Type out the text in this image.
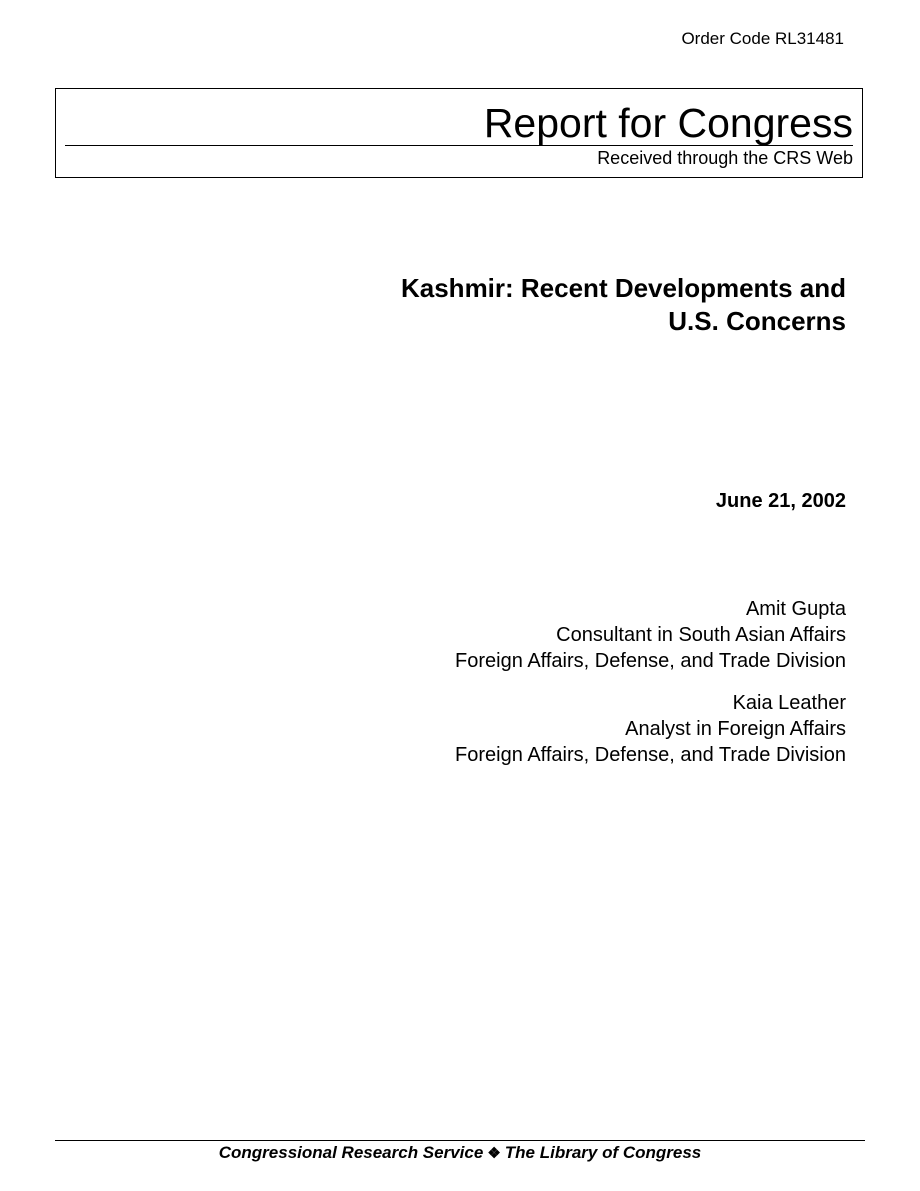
Order Code RL31481
Report for Congress
Received through the CRS Web
Kashmir: Recent Developments and
U.S. Concerns
June 21, 2002
Amit Gupta
Consultant in South Asian Affairs
Foreign Affairs, Defense, and Trade Division
Kaia Leather
Analyst in Foreign Affairs
Foreign Affairs, Defense, and Trade Division
Congressional Research Service ❖ The Library of Congress
